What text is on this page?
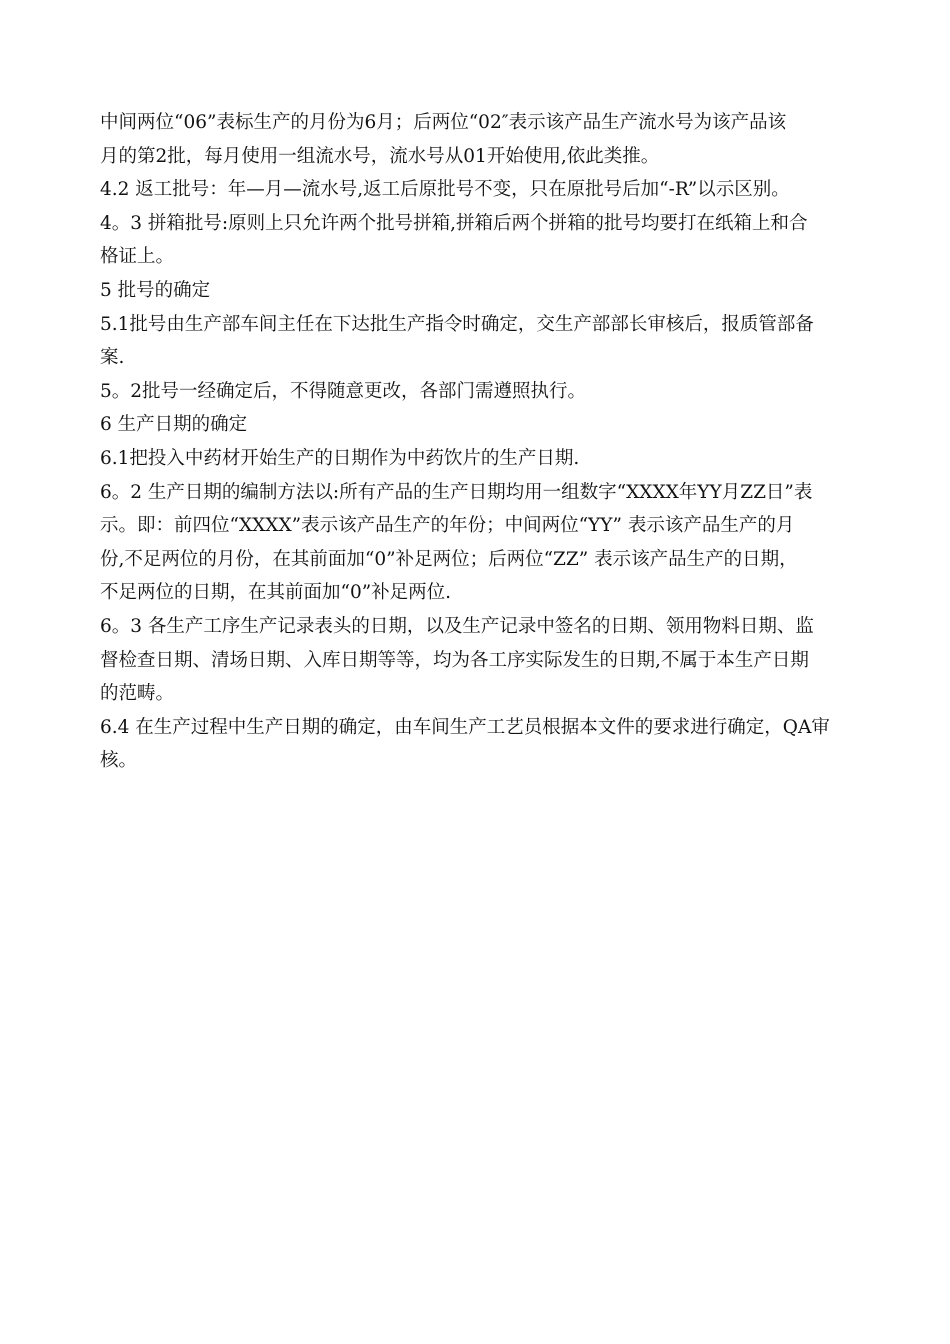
中间两位“06”表标生产的月份为6月；后两位“02″表示该产品生产流水号为该产品该

月的第2批，每月使用一组流水号，流水号从01开始使用,依此类推。

4.2 返工批号：年—月—流水号,返工后原批号不变，只在原批号后加“-R”以示区别。

4。3 拼箱批号:原则上只允许两个批号拼箱,拼箱后两个拼箱的批号均要打在纸箱上和合

格证上。

5 批号的确定

5.1批号由生产部车间主任在下达批生产指令时确定，交生产部部长审核后，报质管部备

案.

5。2批号一经确定后，不得随意更改，各部门需遵照执行。

6 生产日期的确定

6.1把投入中药材开始生产的日期作为中药饮片的生产日期.

6。2 生产日期的编制方法以:所有产品的生产日期均用一组数字“XXXX年YY月ZZ日”表

示。即：前四位“XXXX”表示该产品生产的年份；中间两位“YY” 表示该产品生产的月

份,不足两位的月份，在其前面加“0”补足两位；后两位“ZZ” 表示该产品生产的日期，

不足两位的日期，在其前面加“0”补足两位.

6。3 各生产工序生产记录表头的日期，以及生产记录中签名的日期、领用物料日期、监

督检查日期、清场日期、入库日期等等，均为各工序实际发生的日期,不属于本生产日期

的范畴。

6.4 在生产过程中生产日期的确定，由车间生产工艺员根据本文件的要求进行确定，QA审

核。
